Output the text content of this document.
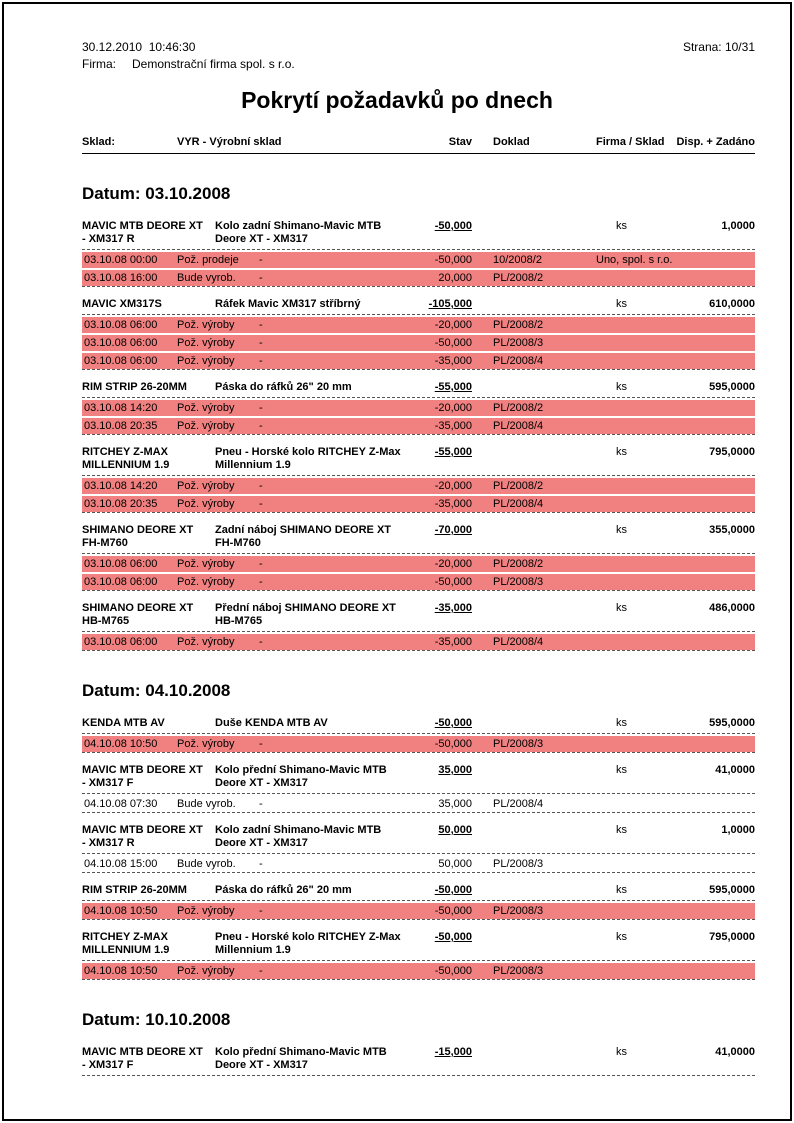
30.12.2010  10:46:30	Strana: 10/31
Firma:	Demonstrační firma spol. s r.o.
Pokrytí požadavků po dnech
Sklad:	VYR - Výrobní sklad	Stav Doklad	Firma / Sklad	Disp. + Zadáno
Datum: 03.10.2008
MAVIC MTB DEORE XT - XM317 R
Kolo zadní Shimano-Mavic MTB Deore XT - XM317
-50,000	ks	1,0000
03.10.08 00:00	Pož. prodeje	-	-50,000 10/2008/2	Uno, spol. s r.o.
03.10.08 16:00	Bude vyrob.	-	20,000 PL/2008/2
MAVIC XM317S	Ráfek Mavic XM317 stříbrný	-105,000	ks	610,0000
03.10.08 06:00	Pož. výroby	-	-20,000 PL/2008/2
03.10.08 06:00	Pož. výroby	-	-50,000 PL/2008/3
03.10.08 06:00	Pož. výroby	-	-35,000 PL/2008/4
RIM STRIP 26-20MM	Páska do ráfků 26" 20 mm	-55,000	ks	595,0000
03.10.08 14:20	Pož. výroby	-	-20,000 PL/2008/2
03.10.08 20:35	Pož. výroby	-	-35,000 PL/2008/4
RITCHEY Z-MAX MILLENNIUM 1.9
Pneu - Horské kolo RITCHEY Z-Max Millennium 1.9
-55,000	ks	795,0000
03.10.08 14:20	Pož. výroby	-	-20,000 PL/2008/2
03.10.08 20:35	Pož. výroby	-	-35,000 PL/2008/4
SHIMANO DEORE XT FH-M760
Zadní náboj SHIMANO DEORE XT FH-M760
-70,000	ks	355,0000
03.10.08 06:00	Pož. výroby	-	-20,000 PL/2008/2
03.10.08 06:00	Pož. výroby	-	-50,000 PL/2008/3
SHIMANO DEORE XT HB-M765
Přední náboj SHIMANO DEORE XT HB-M765
-35,000	ks	486,0000
03.10.08 06:00	Pož. výroby	-	-35,000 PL/2008/4
Datum: 04.10.2008
KENDA MTB AV	Duše KENDA MTB AV	-50,000	ks	595,0000
04.10.08 10:50	Pož. výroby	-	-50,000 PL/2008/3
MAVIC MTB DEORE XT - XM317 F
Kolo přední Shimano-Mavic MTB Deore XT - XM317
35,000	ks	41,0000
04.10.08 07:30	Bude vyrob.	-	35,000 PL/2008/4
MAVIC MTB DEORE XT - XM317 R
Kolo zadní Shimano-Mavic MTB Deore XT - XM317
50,000	ks	1,0000
04.10.08 15:00	Bude vyrob.	-	50,000 PL/2008/3
RIM STRIP 26-20MM	Páska do ráfků 26" 20 mm	-50,000	ks	595,0000
04.10.08 10:50	Pož. výroby	-	-50,000 PL/2008/3
RITCHEY Z-MAX MILLENNIUM 1.9
Pneu - Horské kolo RITCHEY Z-Max Millennium 1.9
-50,000	ks	795,0000
04.10.08 10:50	Pož. výroby	-	-50,000 PL/2008/3
Datum: 10.10.2008
MAVIC MTB DEORE XT - XM317 F
Kolo přední Shimano-Mavic MTB Deore XT - XM317
-15,000	ks	41,0000
